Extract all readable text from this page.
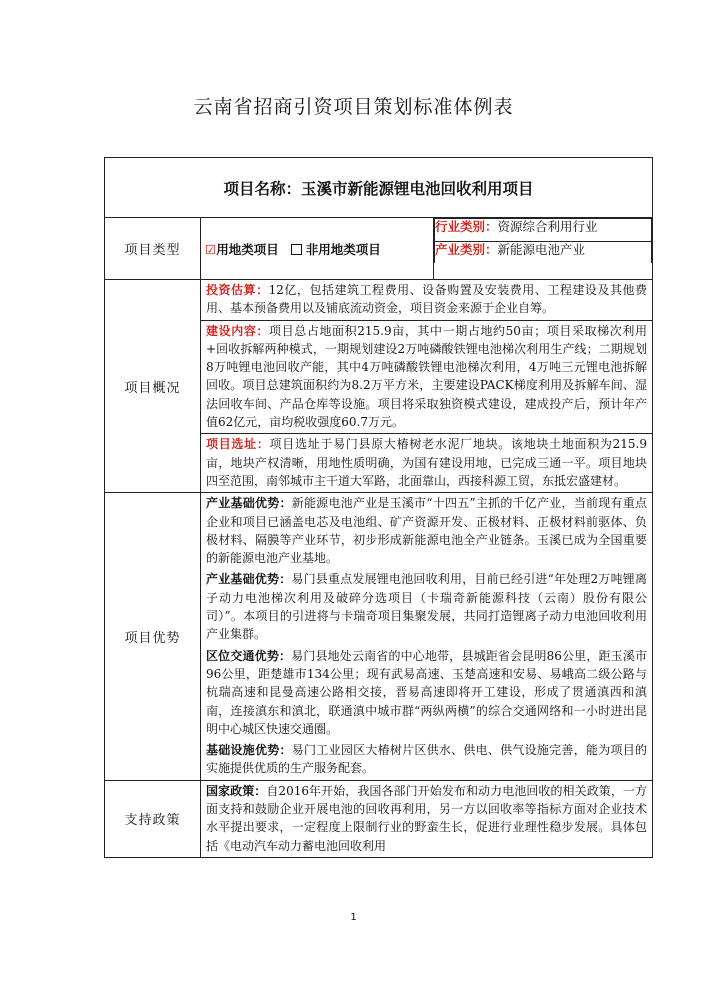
云南省招商引资项目策划标准体例表
项目名称：玉溪市新能源锂电池回收利用项目
项目类型	☑用地类项目 非用地类项目	
行业类别：资源综合利用行业
产业类别：新能源电池产业

项目概况	
投资估算：12亿，包括建筑工程费用、设备购置及安装费用、工程建设及其他费用、基本预备费用以及铺底流动资金，项目资金来源于企业自筹。
建设内容：项目总占地面积215.9亩，其中一期占地约50亩；项目采取梯次利用+回收拆解两种模式，一期规划建设2万吨磷酸铁锂电池梯次利用生产线；二期规划8万吨锂电池回收产能，其中4万吨磷酸铁锂电池梯次利用，4万吨三元锂电池拆解回收。项目总建筑面积约为8.2万平方米，主要建设PACK梯度利用及拆解车间、湿法回收车间、产品仓库等设施。项目将采取独资模式建设，建成投产后，预计年产值62亿元，亩均税收强度60.7万元。
项目选址：项目选址于易门县原大椿树老水泥厂地块。该地块土地面积为215.9亩，地块产权清晰，用地性质明确，为国有建设用地，已完成三通一平。项目地块四至范围，南邻城市主干道大军路，北面靠山，西接科源工贸，东抵宏盛建材。

项目优势	
产业基础优势：新能源电池产业是玉溪市“十四五”主抓的千亿产业，当前现有重点企业和项目已涵盖电芯及电池组、矿产资源开发、正极材料、正极材料前驱体、负极材料、隔膜等产业环节，初步形成新能源电池全产业链条。玉溪已成为全国重要的新能源电池产业基地。
产业基础优势：易门县重点发展锂电池回收利用，目前已经引进“年处理2万吨锂离子动力电池梯次利用及破碎分选项目（卡瑞奇新能源科技（云南）股份有限公司）”。本项目的引进将与卡瑞奇项目集聚发展，共同打造锂离子动力电池回收利用产业集群。
区位交通优势：易门县地处云南省的中心地带，县城距省会昆明86公里，距玉溪市96公里，距楚雄市134公里；现有武易高速、玉楚高速和安易、易峨高二级公路与杭瑞高速和昆曼高速公路相交接，晋易高速即将开工建设，形成了贯通滇西和滇南，连接滇东和滇北，联通滇中城市群“两纵两横”的综合交通网络和一小时进出昆明中心城区快速交通圈。
基础设施优势：易门工业园区大椿树片区供水、供电、供气设施完善，能为项目的实施提供优质的生产服务配套。

支持政策	
国家政策：自2016年开始，我国各部门开始发布和动力电池回收的相关政策，一方面支持和鼓励企业开展电池的回收再利用，另一方以回收率等指标方面对企业技术水平提出要求，一定程度上限制行业的野蛮生长，促进行业理性稳步发展。具体包括《电动汽车动力蓄电池回收利用
1
